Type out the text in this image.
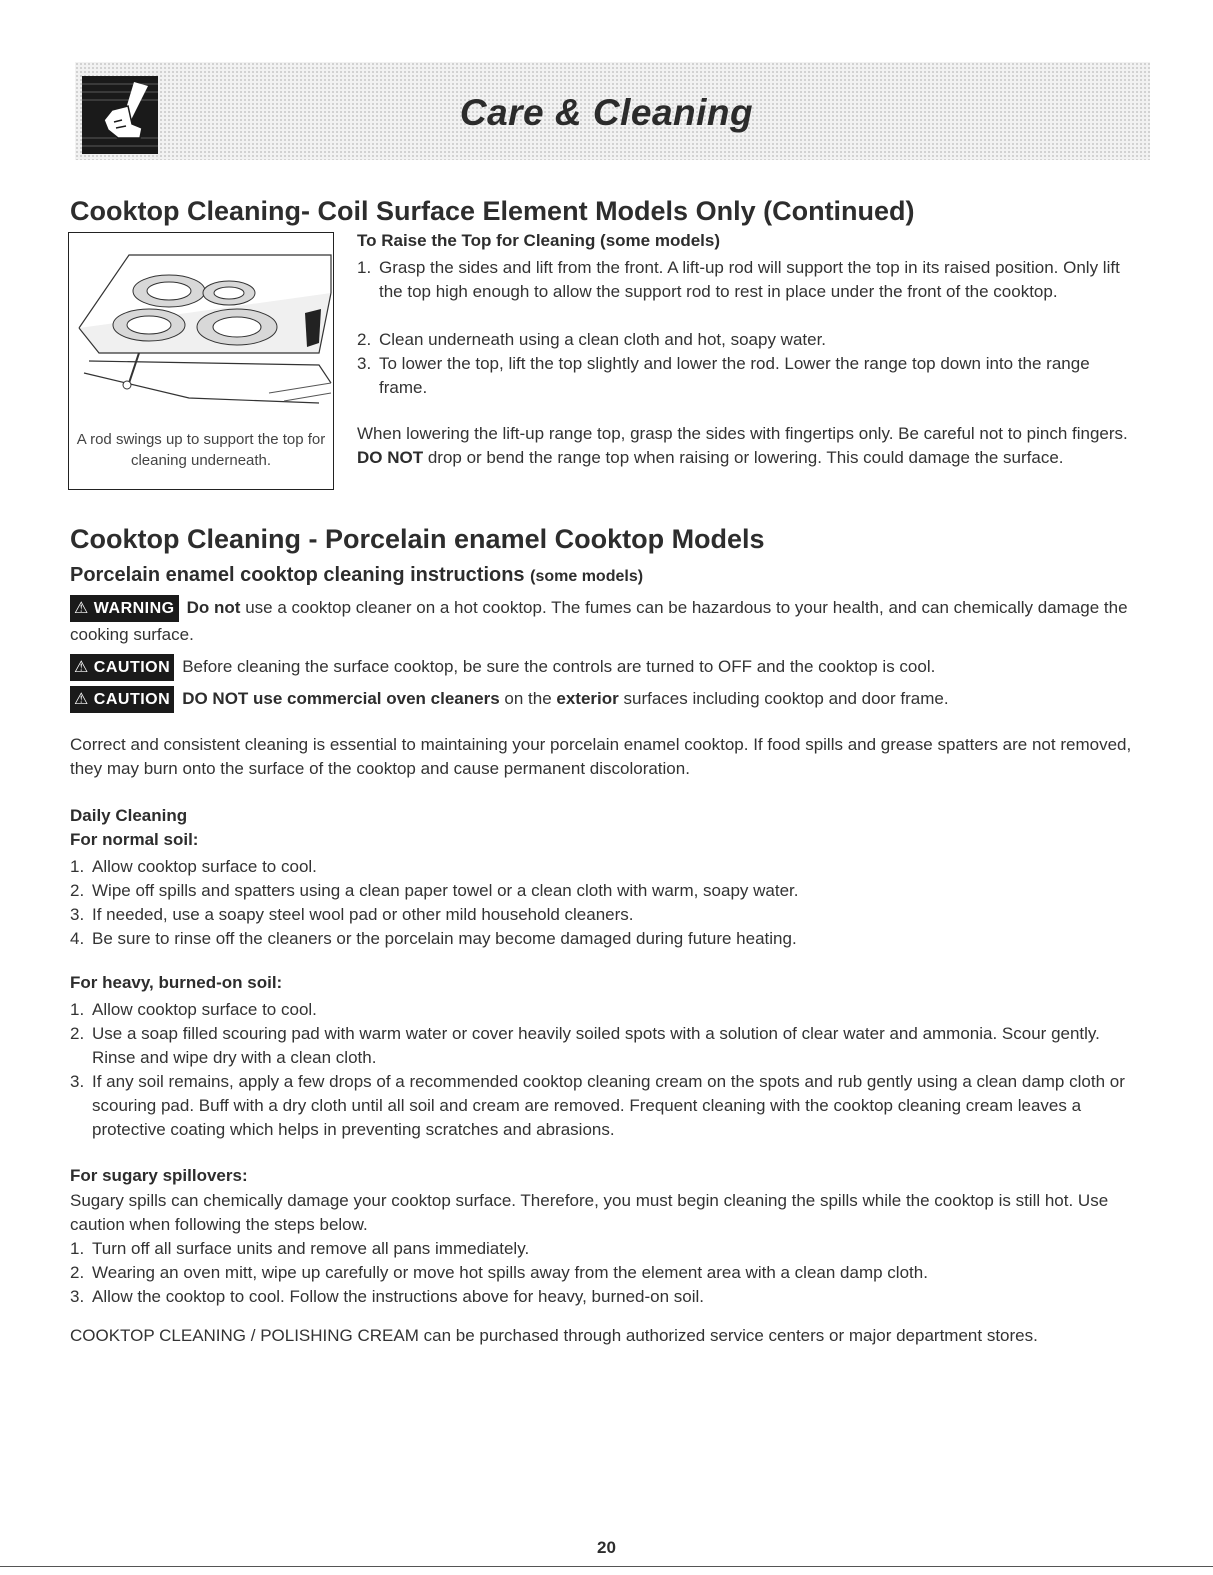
Care & Cleaning
Cooktop Cleaning- Coil Surface Element Models Only (Continued)
A rod swings up to support the top for cleaning underneath.
To Raise the Top for Cleaning (some models)
1. Grasp the sides and lift from the front. A lift-up rod will support the top in its raised position. Only lift the top high enough to allow the support rod to rest in place under the front of the cooktop.
2. Clean underneath using a clean cloth and hot, soapy water.
3. To lower the top, lift the top slightly and lower the rod. Lower the range top down into the range frame.
When lowering the lift-up range top, grasp the sides with fingertips only. Be careful not to pinch fingers. DO NOT drop or bend the range top when raising or lowering. This could damage the surface.
Cooktop Cleaning - Porcelain enamel Cooktop Models
Porcelain enamel cooktop cleaning instructions (some models)
⚠ WARNING Do not use a cooktop cleaner on a hot cooktop. The fumes can be hazardous to your health, and can chemically damage the cooking surface.
⚠ CAUTION Before cleaning the surface cooktop, be sure the controls are turned to OFF and the cooktop is cool.
⚠ CAUTION DO NOT use commercial oven cleaners on the exterior surfaces including cooktop and door frame.
Correct and consistent cleaning is essential to maintaining your porcelain enamel cooktop. If food spills and grease spatters are not removed, they may burn onto the surface of the cooktop and cause permanent discoloration.
Daily Cleaning
For normal soil:
1. Allow cooktop surface to cool.
2. Wipe off spills and spatters using a clean paper towel or a clean cloth with warm, soapy water.
3. If needed, use a soapy steel wool pad or other mild household cleaners.
4. Be sure to rinse off the cleaners or the porcelain may become damaged during future heating.
For heavy, burned-on soil:
1. Allow cooktop surface to cool.
2. Use a soap filled scouring pad with warm water or cover heavily soiled spots with a solution of clear water and ammonia. Scour gently. Rinse and wipe dry with a clean cloth.
3. If any soil remains, apply a few drops of a recommended cooktop cleaning cream on the spots and rub gently using a clean damp cloth or scouring pad. Buff with a dry cloth until all soil and cream are removed. Frequent cleaning with the cooktop cleaning cream leaves a protective coating which helps in preventing scratches and abrasions.
For sugary spillovers:
Sugary spills can chemically damage your cooktop surface. Therefore, you must begin cleaning the spills while the cooktop is still hot. Use caution when following the steps below.
1. Turn off all surface units and remove all pans immediately.
2. Wearing an oven mitt, wipe up carefully or move hot spills away from the element area with a clean damp cloth.
3. Allow the cooktop to cool. Follow the instructions above for heavy, burned-on soil.
COOKTOP CLEANING / POLISHING CREAM can be purchased through authorized service centers or major department stores.
20
